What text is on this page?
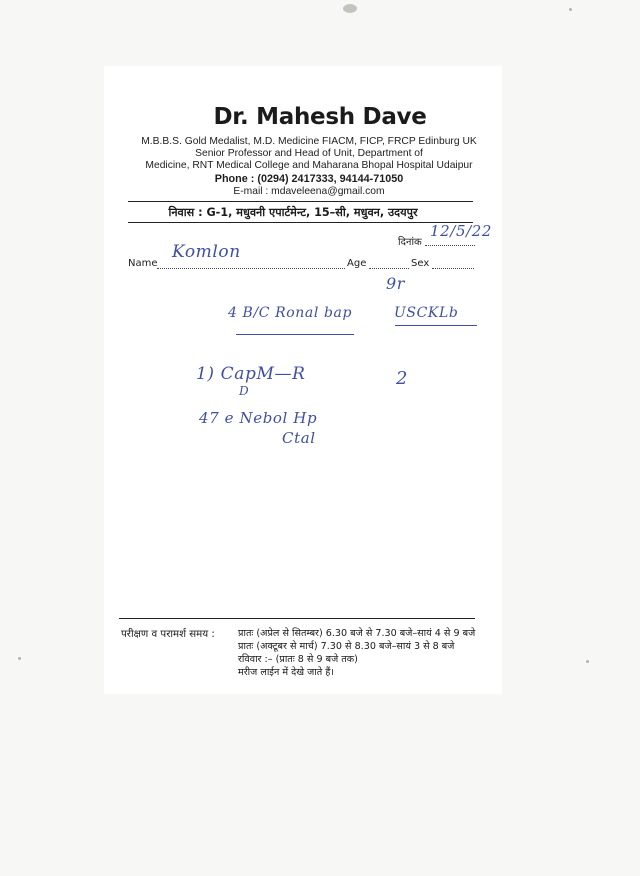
Dr. Mahesh Dave
M.B.B.S. Gold Medalist, M.D. Medicine FIACM, FICP, FRCP Edinburg UK
Senior Professor and Head of Unit, Department of
Medicine, RNT Medical College and Maharana Bhopal Hospital Udaipur
Phone : (0294) 2417333, 94144-71050
E-mail : mdaveleena@gmail.com
निवास : G-1, मधुवनी एपार्टमेन्ट, 15–सी, मधुवन, उदयपुर
दिनांक
12/5/22
Name
Komlon
Age	Sex
9r
4 B/C Ronal bap	USCKLb
1) CapM—R
D
2
47 e Nebol Hp
Ctal
परीक्षण व परामर्श समय : प्रातः (अप्रेल से सितम्बर) 6.30 बजे से 7.30 बजे–सायं 4 से 9 बजे
प्रातः (अक्टूबर से मार्च) 7.30 से 8.30 बजे–सायं 3 से 8 बजे
रविवार :– (प्रातः 8 से 9 बजे तक)
मरीज लाईन में देखे जाते हैं।
